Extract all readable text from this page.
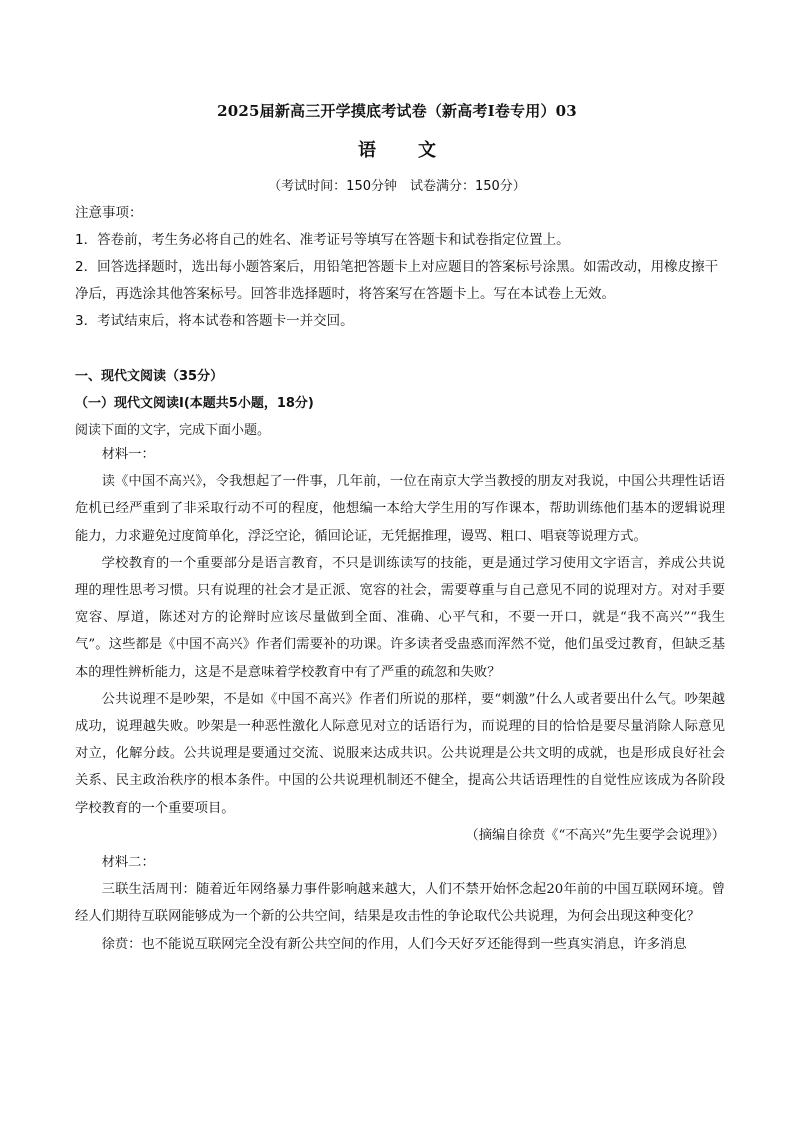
2025届新高三开学摸底考试卷（新高考Ⅰ卷专用）03
语文
（考试时间：150分钟　试卷满分：150分）

注意事项：

1．答卷前，考生务必将自己的姓名、准考证号等填写在答题卡和试卷指定位置上。

2．回答选择题时，选出每小题答案后，用铅笔把答题卡上对应题目的答案标号涂黑。如需改动，用橡皮擦干净后，再选涂其他答案标号。回答非选择题时，将答案写在答题卡上。写在本试卷上无效。

3．考试结束后，将本试卷和答题卡一并交回。

一、现代文阅读（35分）

（一）现代文阅读Ⅰ(本题共5小题，18分)

阅读下面的文字，完成下面小题。

材料一：

读《中国不高兴》，令我想起了一件事，几年前，一位在南京大学当教授的朋友对我说，中国公共理性话语危机已经严重到了非采取行动不可的程度，他想编一本给大学生用的写作课本，帮助训练他们基本的逻辑说理能力，力求避免过度简单化，浮泛空论，循回论证，无凭据推理，谩骂、粗口、唱衰等说理方式。

学校教育的一个重要部分是语言教育，不只是训练读写的技能，更是通过学习使用文字语言，养成公共说理的理性思考习惯。只有说理的社会才是正派、宽容的社会，需要尊重与自己意见不同的说理对方。对对手要宽容、厚道，陈述对方的论辩时应该尽量做到全面、准确、心平气和，不要一开口，就是“我不高兴”“我生气”。这些都是《中国不高兴》作者们需要补的功课。许多读者受蛊惑而浑然不觉，他们虽受过教育，但缺乏基本的理性辨析能力，这是不是意味着学校教育中有了严重的疏忽和失败？

公共说理不是吵架，不是如《中国不高兴》作者们所说的那样，要“刺激”什么人或者要出什么气。吵架越成功，说理越失败。吵架是一种恶性激化人际意见对立的话语行为，而说理的目的恰恰是要尽量消除人际意见对立，化解分歧。公共说理是要通过交流、说服来达成共识。公共说理是公共文明的成就，也是形成良好社会关系、民主政治秩序的根本条件。中国的公共说理机制还不健全，提高公共话语理性的自觉性应该成为各阶段学校教育的一个重要项目。

（摘编自徐贲《“不高兴”先生要学会说理》）

材料二：

三联生活周刊：随着近年网络暴力事件影响越来越大，人们不禁开始怀念起20年前的中国互联网环境。曾经人们期待互联网能够成为一个新的公共空间，结果是攻击性的争论取代公共说理，为何会出现这种变化？

徐贲：也不能说互联网完全没有新公共空间的作用，人们今天好歹还能得到一些真实消息，许多消息
